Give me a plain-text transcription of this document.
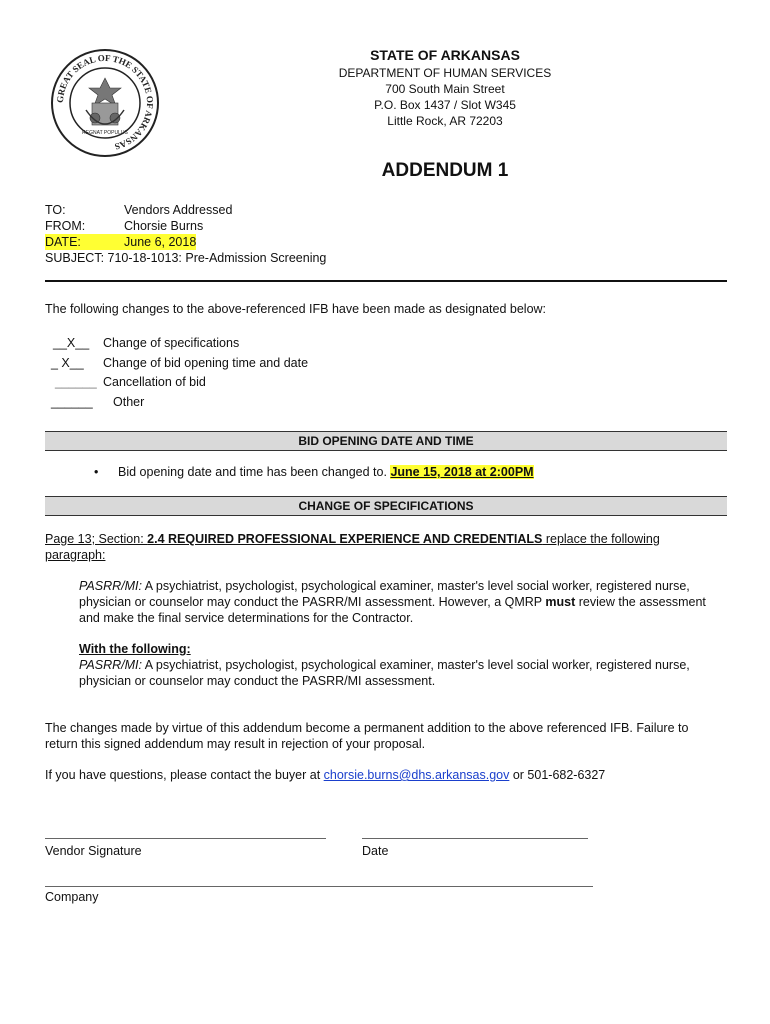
GREAT SEAL OF THE STATE OF ARKANSAS
REGNAT POPULUS
STATE OF ARKANSAS
DEPARTMENT OF HUMAN SERVICES
700 South Main Street
P.O. Box 1437 / Slot W345
Little Rock, AR 72203
ADDENDUM 1
TO:	Vendors Addressed
FROM:	Chorsie Burns
DATE:	June 6, 2018
SUBJECT: 710-18-1013: Pre-Admission Screening
The following changes to the above-referenced IFB have been made as designated below:
__X__	Change of specifications
_ X__	Change of bid opening time and date
______ Cancellation of bid
______	Other
BID OPENING DATE AND TIME
• Bid opening date and time has been changed to. June 15, 2018 at 2:00PM
CHANGE OF SPECIFICATIONS
Page 13; Section: 2.4 REQUIRED PROFESSIONAL EXPERIENCE AND CREDENTIALS replace the following paragraph:
PASRR/MI: A psychiatrist, psychologist, psychological examiner, master's level social worker, registered nurse, physician or counselor may conduct the PASRR/MI assessment. However, a QMRP must review the assessment and make the final service determinations for the Contractor.
With the following:
PASRR/MI: A psychiatrist, psychologist, psychological examiner, master's level social worker, registered nurse, physician or counselor may conduct the PASRR/MI assessment.
The changes made by virtue of this addendum become a permanent addition to the above referenced IFB. Failure to return this signed addendum may result in rejection of your proposal.
If you have questions, please contact the buyer at chorsie.burns@dhs.arkansas.gov or 501-682-6327
Vendor Signature	Date
Company
